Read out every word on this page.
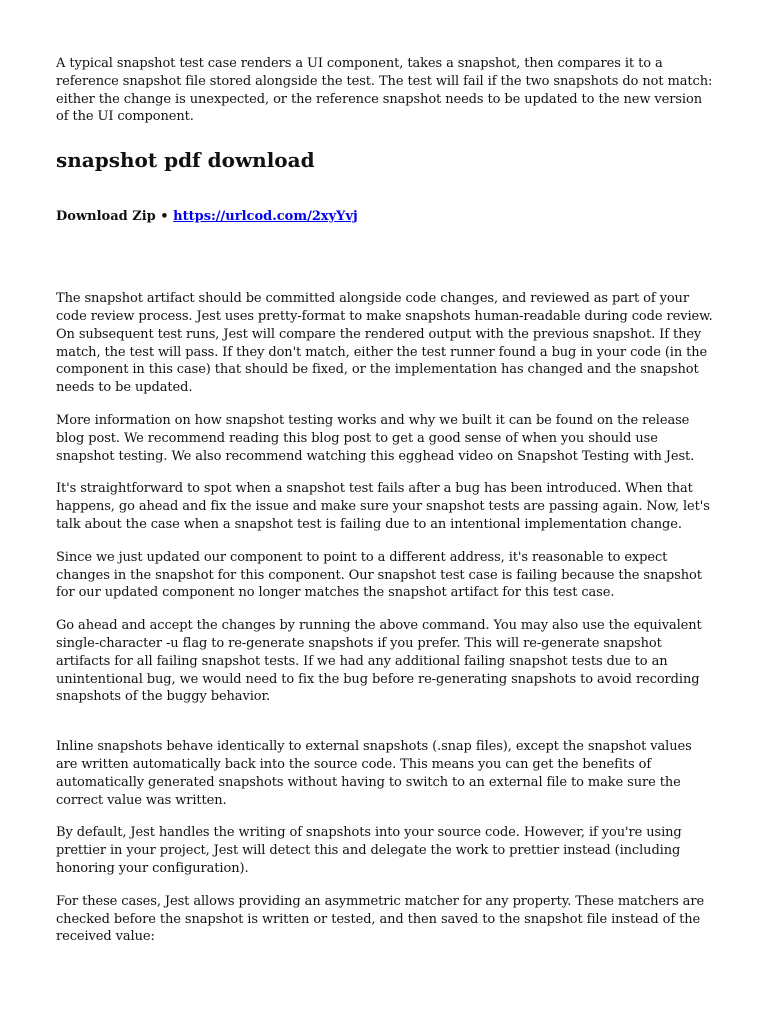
A typical snapshot test case renders a UI component, takes a snapshot, then compares it to a reference snapshot file stored alongside the test. The test will fail if the two snapshots do not match: either the change is unexpected, or the reference snapshot needs to be updated to the new version of the UI component.

snapshot pdf download
Download Zip • https://urlcod.com/2xyYvj

The snapshot artifact should be committed alongside code changes, and reviewed as part of your code review process. Jest uses pretty-format to make snapshots human-readable during code review. On subsequent test runs, Jest will compare the rendered output with the previous snapshot. If they match, the test will pass. If they don't match, either the test runner found a bug in your code (in the component in this case) that should be fixed, or the implementation has changed and the snapshot needs to be updated.

More information on how snapshot testing works and why we built it can be found on the release blog post. We recommend reading this blog post to get a good sense of when you should use snapshot testing. We also recommend watching this egghead video on Snapshot Testing with Jest.

It's straightforward to spot when a snapshot test fails after a bug has been introduced. When that happens, go ahead and fix the issue and make sure your snapshot tests are passing again. Now, let's talk about the case when a snapshot test is failing due to an intentional implementation change.

Since we just updated our component to point to a different address, it's reasonable to expect changes in the snapshot for this component. Our snapshot test case is failing because the snapshot for our updated component no longer matches the snapshot artifact for this test case.

Go ahead and accept the changes by running the above command. You may also use the equivalent single-character -u flag to re-generate snapshots if you prefer. This will re-generate snapshot artifacts for all failing snapshot tests. If we had any additional failing snapshot tests due to an unintentional bug, we would need to fix the bug before re-generating snapshots to avoid recording snapshots of the buggy behavior.

Inline snapshots behave identically to external snapshots (.snap files), except the snapshot values are written automatically back into the source code. This means you can get the benefits of automatically generated snapshots without having to switch to an external file to make sure the correct value was written.

By default, Jest handles the writing of snapshots into your source code. However, if you're using prettier in your project, Jest will detect this and delegate the work to prettier instead (including honoring your configuration).

For these cases, Jest allows providing an asymmetric matcher for any property. These matchers are checked before the snapshot is written or tested, and then saved to the snapshot file instead of the received value:
